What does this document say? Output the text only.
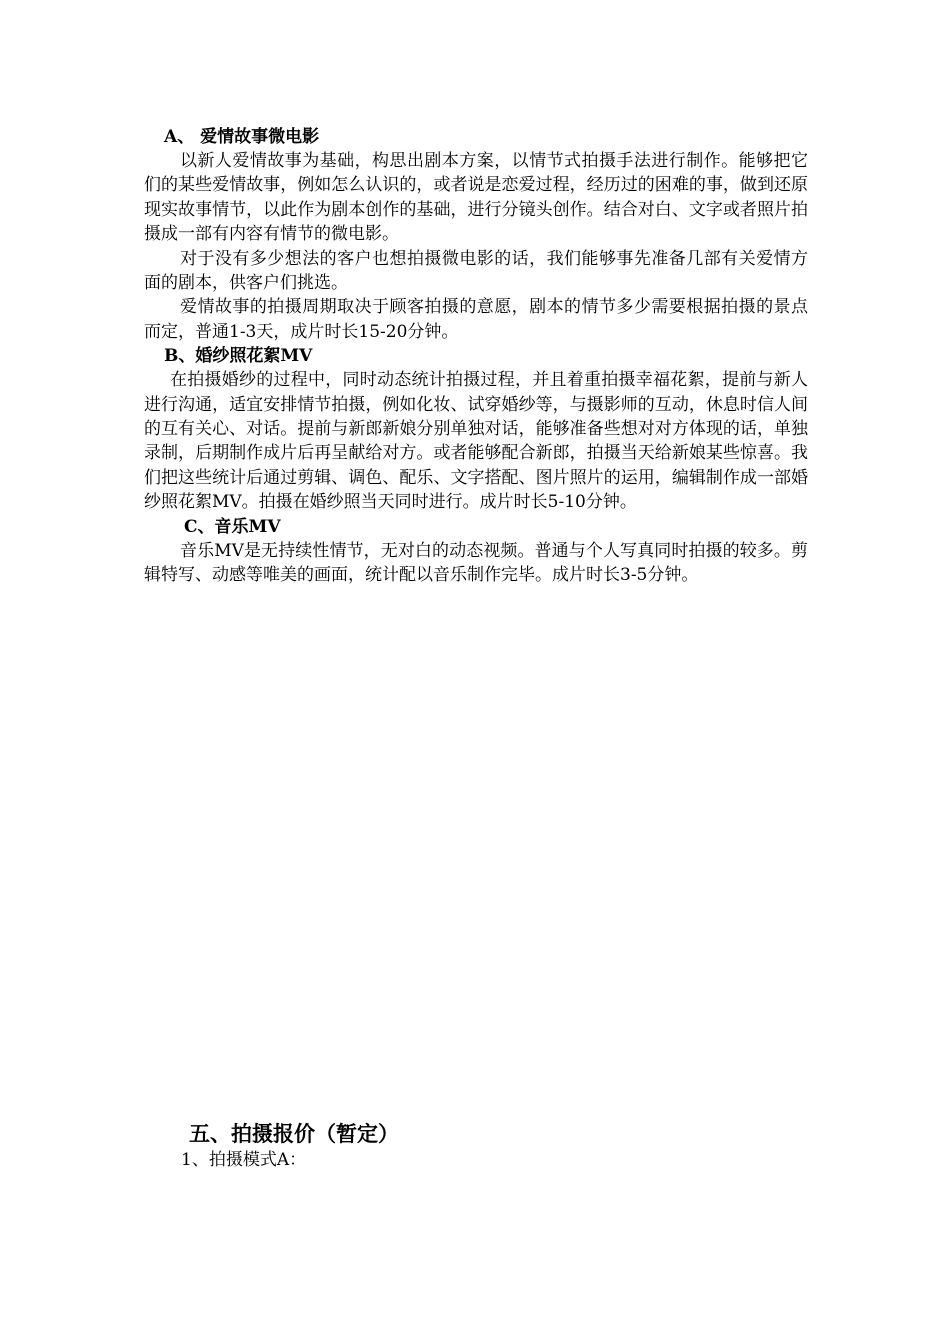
A、 爱情故事微电影

以新人爱情故事为基础，构思出剧本方案，以情节式拍摄手法进行制作。能够把它们的某些爱情故事，例如怎么认识的，或者说是恋爱过程，经历过的困难的事，做到还原现实故事情节，以此作为剧本创作的基础，进行分镜头创作。结合对白、文字或者照片拍摄成一部有内容有情节的微电影。

对于没有多少想法的客户也想拍摄微电影的话，我们能够事先准备几部有关爱情方面的剧本，供客户们挑选。

爱情故事的拍摄周期取决于顾客拍摄的意愿，剧本的情节多少需要根据拍摄的景点而定，普通1-3天，成片时长15-20分钟。

B、婚纱照花絮MV

在拍摄婚纱的过程中，同时动态统计拍摄过程，并且着重拍摄幸福花絮，提前与新人进行沟通，适宜安排情节拍摄，例如化妆、试穿婚纱等，与摄影师的互动，休息时信人间的互有关心、对话。提前与新郎新娘分别单独对话，能够准备些想对对方体现的话，单独录制，后期制作成片后再呈献给对方。或者能够配合新郎，拍摄当天给新娘某些惊喜。我们把这些统计后通过剪辑、调色、配乐、文字搭配、图片照片的运用，编辑制作成一部婚纱照花絮MV。拍摄在婚纱照当天同时进行。成片时长5-10分钟。

C、音乐MV

音乐MV是无持续性情节，无对白的动态视频。普通与个人写真同时拍摄的较多。剪辑特写、动感等唯美的画面，统计配以音乐制作完毕。成片时长3-5分钟。

五、拍摄报价（暂定）
1、拍摄模式A：
